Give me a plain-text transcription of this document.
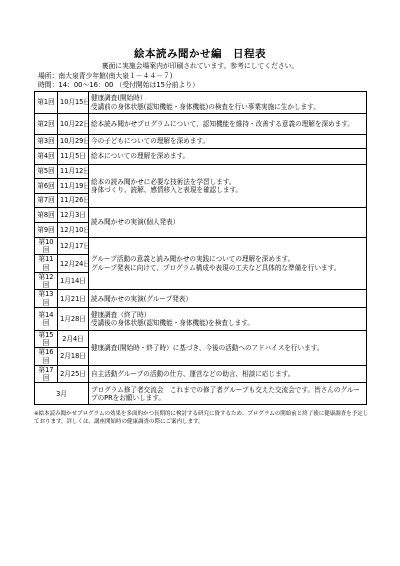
絵本読み聞かせ編　日程表
裏面に実施会場案内が印刷されています。参考にしてください。
場所：南大泉青少年館(南大泉１－４４－７)
時間：14：00～16：00 （受付開始は15分前より）
第1回	10月15日	健康調査(開始時）
受講前の身体状態(認知機能・身体機能)の検査を行い事業実施に生かします。
第2回	10月22日	絵本読み聞かせプログラムについて、認知機能を維持・改善する意義の理解を深めます。
第3回	10月29日	今の子どもについての理解を深めます。
第4回	11月5日	絵本についての理解を深めます。
第5回	11月12日	絵本の読み聞かせに必要な技術法を学習します。
身体づくり、読解、感情移入と表現を確認します。
第6回	11月19日	
第7回	11月26日	
第8回	12月3日	読み聞かせの実演(個人発表）
第9回	12月10日	
第10回	12月17日	グループ活動の意義と読み聞かせの実践についての理解を深めます。
グループ発表に向けて、プログラム構成や表現の工夫など具体的な準備を行います。
第11回	12月24日	
第12回	1月14日	
第13回	1月21日	読み聞かせの実演(グループ発表）
第14回	1月28日	健康調査（終了時）
受講後の身体状態(認知機能・身体機能)を検査します。
第15回	2月4日	健康調査(開始時・終了時）に基づき、今後の活動へのアドバイスを行います。
第16回	2月18日	
第17回	2月25日	自主活動グループの活動の仕方、運営などの助言、相談に応じます。
3月		プログラム修了者交流会　これまでの修了者グループも交えた交流会です。皆さんのグループのPRをお願いします。
※絵本読み聞かせプログラムの効果を多面的かつ長期的に検討する研究に資するため、プログラムの開始前と終了後に健康調査を予定しております。詳しくは、講座開始時の健康調査の際にご案内します。
